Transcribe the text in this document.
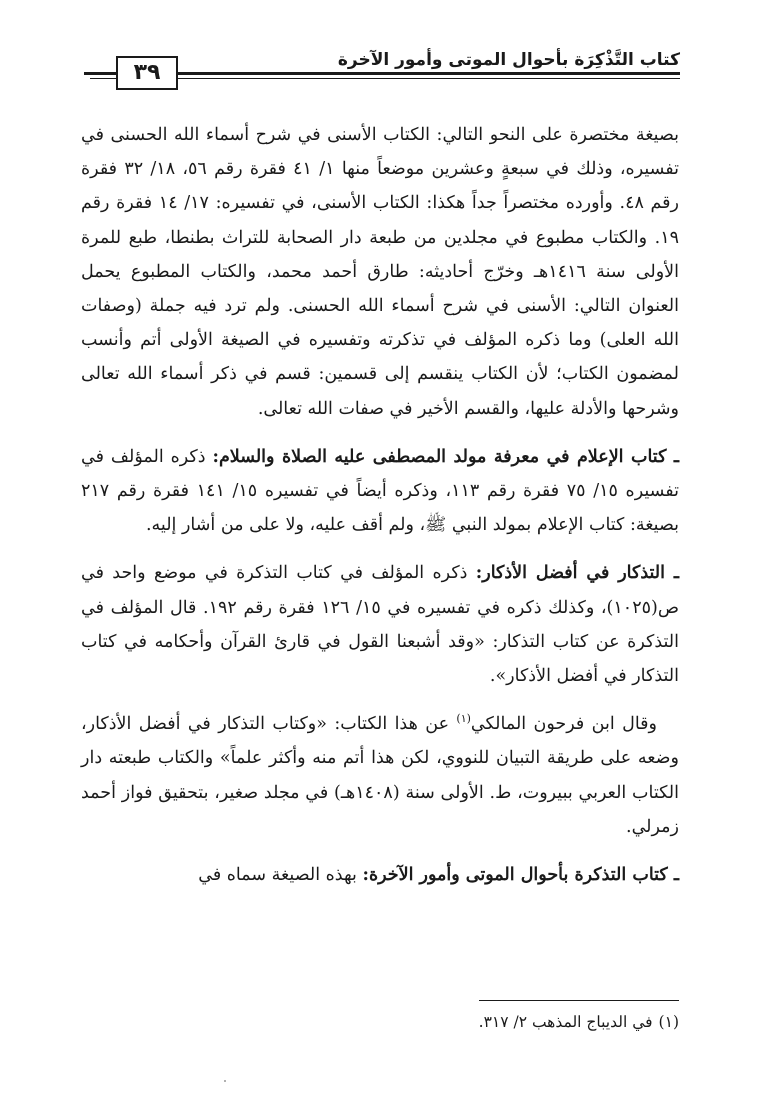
٣٩	كتاب التَّذْكِرَة بأحوال الموتى وأمور الآخرة

بصيغة مختصرة على النحو التالي: الكتاب الأسنى في شرح أسماء الله الحسنى في تفسيره، وذلك في سبعةٍ وعشرين موضعاً منها ١/ ٤١ فقرة رقم ٥٦، ١٨/ ٣٢ فقرة رقم ٤٨. وأورده مختصراً جداً هكذا: الكتاب الأسنى، في تفسيره: ١٧/ ١٤ فقرة رقم ١٩. والكتاب مطبوع في مجلدين من طبعة دار الصحابة للتراث بطنطا، طبع للمرة الأولى سنة ١٤١٦هـ وخرّج أحاديثه: طارق أحمد محمد، والكتاب المطبوع يحمل العنوان التالي: الأسنى في شرح أسماء الله الحسنى. ولم ترد فيه جملة (وصفات الله العلى) وما ذكره المؤلف في تذكرته وتفسيره في الصيغة الأولى أتم وأنسب لمضمون الكتاب؛ لأن الكتاب ينقسم إلى قسمين: قسم في ذكر أسماء الله تعالى وشرحها والأدلة عليها، والقسم الأخير في صفات الله تعالى.

ـ كتاب الإعلام في معرفة مولد المصطفى عليه الصلاة والسلام: ذكره المؤلف في تفسيره ١٥/ ٧٥ فقرة رقم ١١٣، وذكره أيضاً في تفسيره ١٥/ ١٤١ فقرة رقم ٢١٧ بصيغة: كتاب الإعلام بمولد النبي ﷺ، ولم أقف عليه، ولا على من أشار إليه.

ـ التذكار في أفضل الأذكار: ذكره المؤلف في كتاب التذكرة في موضع واحد في ص(١٠٢٥)، وكذلك ذكره في تفسيره في ١٥/ ١٢٦ فقرة رقم ١٩٢. قال المؤلف في التذكرة عن كتاب التذكار: «وقد أشبعنا القول في قارئ القرآن وأحكامه في كتاب التذكار في أفضل الأذكار».

وقال ابن فرحون المالكي$^{(١)}$ عن هذا الكتاب: «وكتاب التذكار في أفضل الأذكار، وضعه على طريقة التبيان للنووي، لكن هذا أتم منه وأكثر علماً» والكتاب طبعته دار الكتاب العربي ببيروت، ط. الأولى سنة (١٤٠٨هـ) في مجلد صغير، بتحقيق فواز أحمد زمرلي.

ـ كتاب التذكرة بأحوال الموتى وأمور الآخرة: بهذه الصيغة سماه في

(١)في الديباج المذهب ٢/ ٣١٧.
